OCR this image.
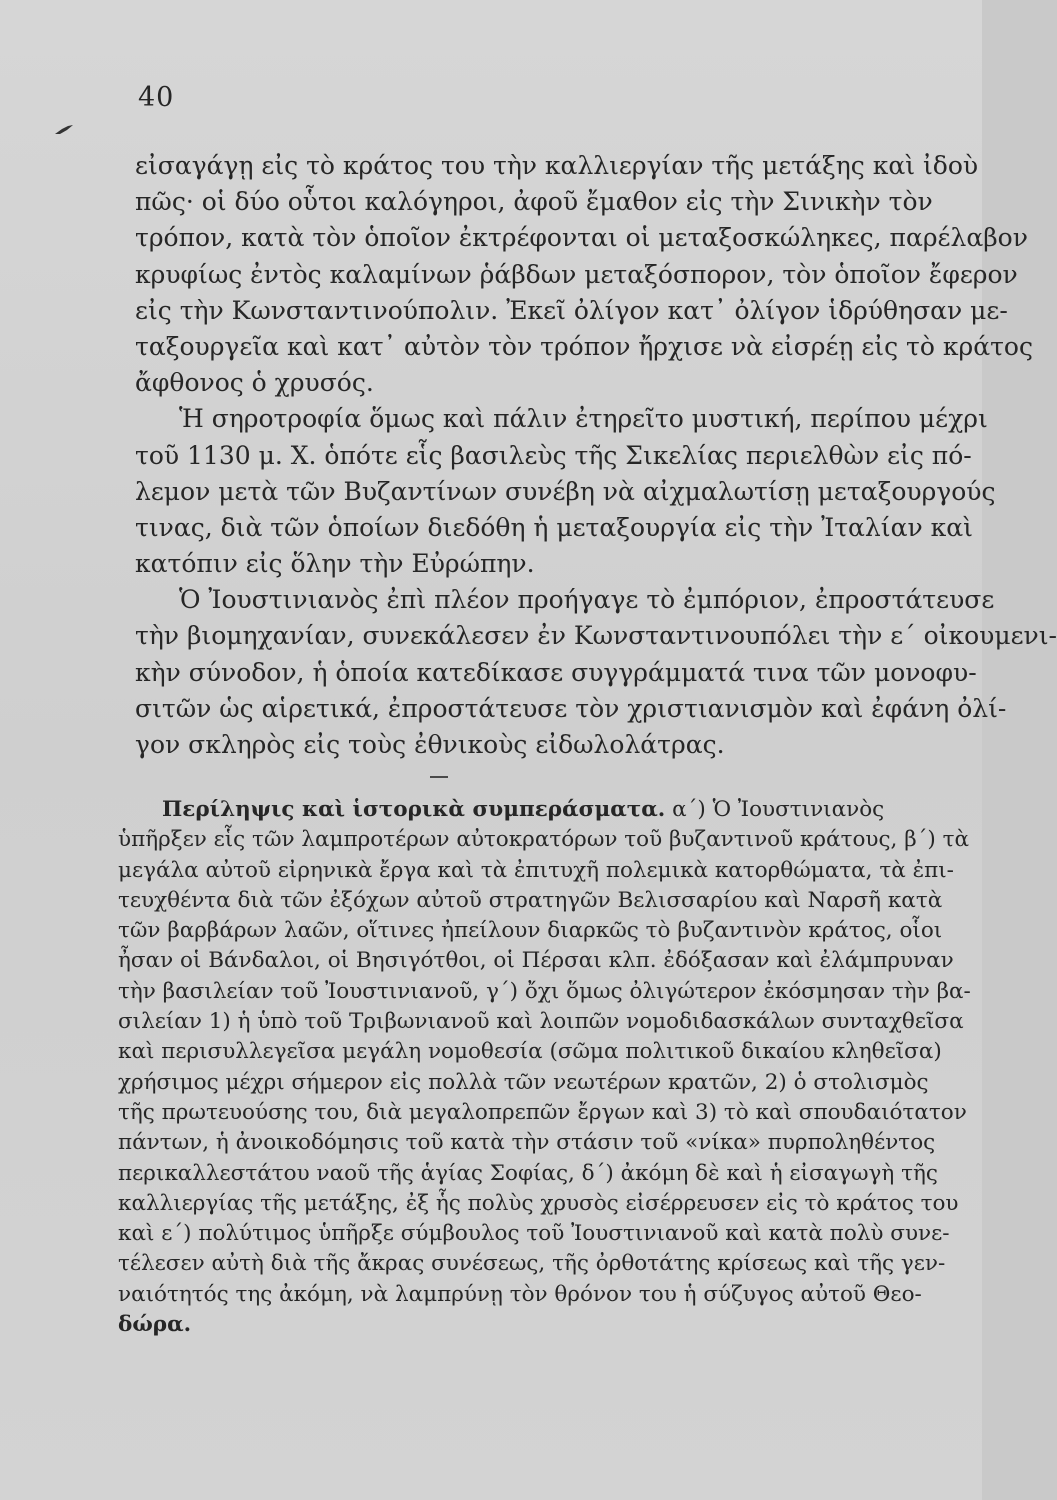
40
εἰσαγάγῃ εἰς τὸ κράτος του τὴν καλλιεργίαν τῆς μετάξης καὶ ἰδοὺ
πῶς· οἱ δύο οὗτοι καλόγηροι, ἀφοῦ ἔμαθον εἰς τὴν Σινικὴν τὸν
τρόπον, κατὰ τὸν ὁποῖον ἐκτρέφονται οἱ μεταξοσκώληκες, παρέλαβον
κρυφίως ἐντὸς καλαμίνων ῥάβδων μεταξόσπορον, τὸν ὁποῖον ἔφερον
εἰς τὴν Κωνσταντινούπολιν. Ἐκεῖ ὀλίγον κατ᾽ ὀλίγον ἱδρύθησαν με-
ταξουργεῖα καὶ κατ᾽ αὐτὸν τὸν τρόπον ἤρχισε νὰ εἰσρέῃ εἰς τὸ κράτος
ἄφθονος ὁ χρυσός.
Ἡ σηροτροφία ὅμως καὶ πάλιν ἐτηρεῖτο μυστική, περίπου μέχρι
τοῦ 1130 μ. Χ. ὁπότε εἷς βασιλεὺς τῆς Σικελίας περιελθὼν εἰς πό-
λεμον μετὰ τῶν Βυζαντίνων συνέβη νὰ αἰχμαλωτίσῃ μεταξουργούς
τινας, διὰ τῶν ὁποίων διεδόθη ἡ μεταξουργία εἰς τὴν Ἰταλίαν καὶ
κατόπιν εἰς ὅλην τὴν Εὐρώπην.
Ὁ Ἰουστινιανὸς ἐπὶ πλέον προήγαγε τὸ ἐμπόριον, ἐπροστάτευσε
τὴν βιομηχανίαν, συνεκάλεσεν ἐν Κωνσταντινουπόλει τὴν ε΄ οἰκουμενι-
κὴν σύνοδον, ἡ ὁποία κατεδίκασε συγγράμματά τινα τῶν μονοφυ-
σιτῶν ὡς αἱρετικά, ἐπροστάτευσε τὸν χριστιανισμὸν καὶ ἐφάνη ὀλί-
γον σκληρὸς εἰς τοὺς ἐθνικοὺς εἰδωλολάτρας.
Περίληψις καὶ ἱστορικὰ συμπεράσματα. α΄) Ὁ Ἰουστινιανὸς
ὑπῆρξεν εἷς τῶν λαμπροτέρων αὐτοκρατόρων τοῦ βυζαντινοῦ κράτους, β΄) τὰ
μεγάλα αὐτοῦ εἰρηνικὰ ἔργα καὶ τὰ ἐπιτυχῆ πολεμικὰ κατορθώματα, τὰ ἐπι-
τευχθέντα διὰ τῶν ἐξόχων αὐτοῦ στρατηγῶν Βελισσαρίου καὶ Ναρσῆ κατὰ
τῶν βαρβάρων λαῶν, οἵτινες ἠπείλουν διαρκῶς τὸ βυζαντινὸν κράτος, οἷοι
ἦσαν οἱ Βάνδαλοι, οἱ Βησιγότθοι, οἱ Πέρσαι κλπ. ἐδόξασαν καὶ ἐλάμπρυναν
τὴν βασιλείαν τοῦ Ἰουστινιανοῦ, γ΄) ὄχι ὅμως ὀλιγώτερον ἐκόσμησαν τὴν βα-
σιλείαν 1) ἡ ὑπὸ τοῦ Τριβωνιανοῦ καὶ λοιπῶν νομοδιδασκάλων συνταχθεῖσα
καὶ περισυλλεγεῖσα μεγάλη νομοθεσία (σῶμα πολιτικοῦ δικαίου κληθεῖσα)
χρήσιμος μέχρι σήμερον εἰς πολλὰ τῶν νεωτέρων κρατῶν, 2) ὁ στολισμὸς
τῆς πρωτευούσης του, διὰ μεγαλοπρεπῶν ἔργων καὶ 3) τὸ καὶ σπουδαιότατον
πάντων, ἡ ἀνοικοδόμησις τοῦ κατὰ τὴν στάσιν τοῦ «νίκα» πυρποληθέντος
περικαλλεστάτου ναοῦ τῆς ἁγίας Σοφίας, δ΄) ἀκόμη δὲ καὶ ἡ εἰσαγωγὴ τῆς
καλλιεργίας τῆς μετάξης, ἐξ ἧς πολὺς χρυσὸς εἰσέρρευσεν εἰς τὸ κράτος του
καὶ ε΄) πολύτιμος ὑπῆρξε σύμβουλος τοῦ Ἰουστινιανοῦ καὶ κατὰ πολὺ συνε-
τέλεσεν αὐτὴ διὰ τῆς ἄκρας συνέσεως, τῆς ὀρθοτάτης κρίσεως καὶ τῆς γεν-
ναιότητός της ἀκόμη, νὰ λαμπρύνῃ τὸν θρόνον του ἡ σύζυγος αὐτοῦ Θεο-
δώρα.
